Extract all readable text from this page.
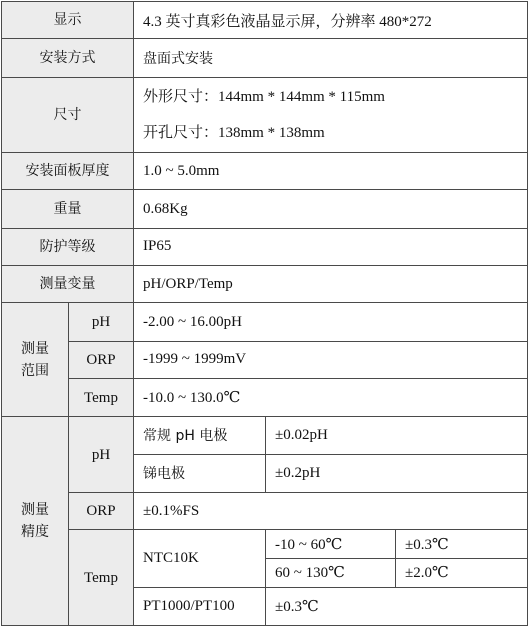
显示		4.3 英寸真彩色液晶显示屏，分辨率 480*272		
安装方式		盘面式安装		
尺寸		外形尺寸：144mm * 144mm * 115mm
开孔尺寸：138mm * 138mm		

安装面板厚度		1.0 ~ 5.0mm		
重量		0.68Kg		
防护等级		IP65		
测量变量		pH/ORP/Temp		

测量
范围	pH	-2.00 ~ 16.00pH		
	ORP	-1999 ~ 1999mV		
	Temp	-10.0 ~ 130.0℃		

测量
精度	pH	常规 pH 电极	±0.02pH	
		锑电极	±0.2pH	
	ORP	±0.1%FS		
	Temp	NTC10K	-10 ~ 60℃	±0.3℃
			60 ~ 130℃	±2.0℃
		PT1000/PT100	±0.3℃	
